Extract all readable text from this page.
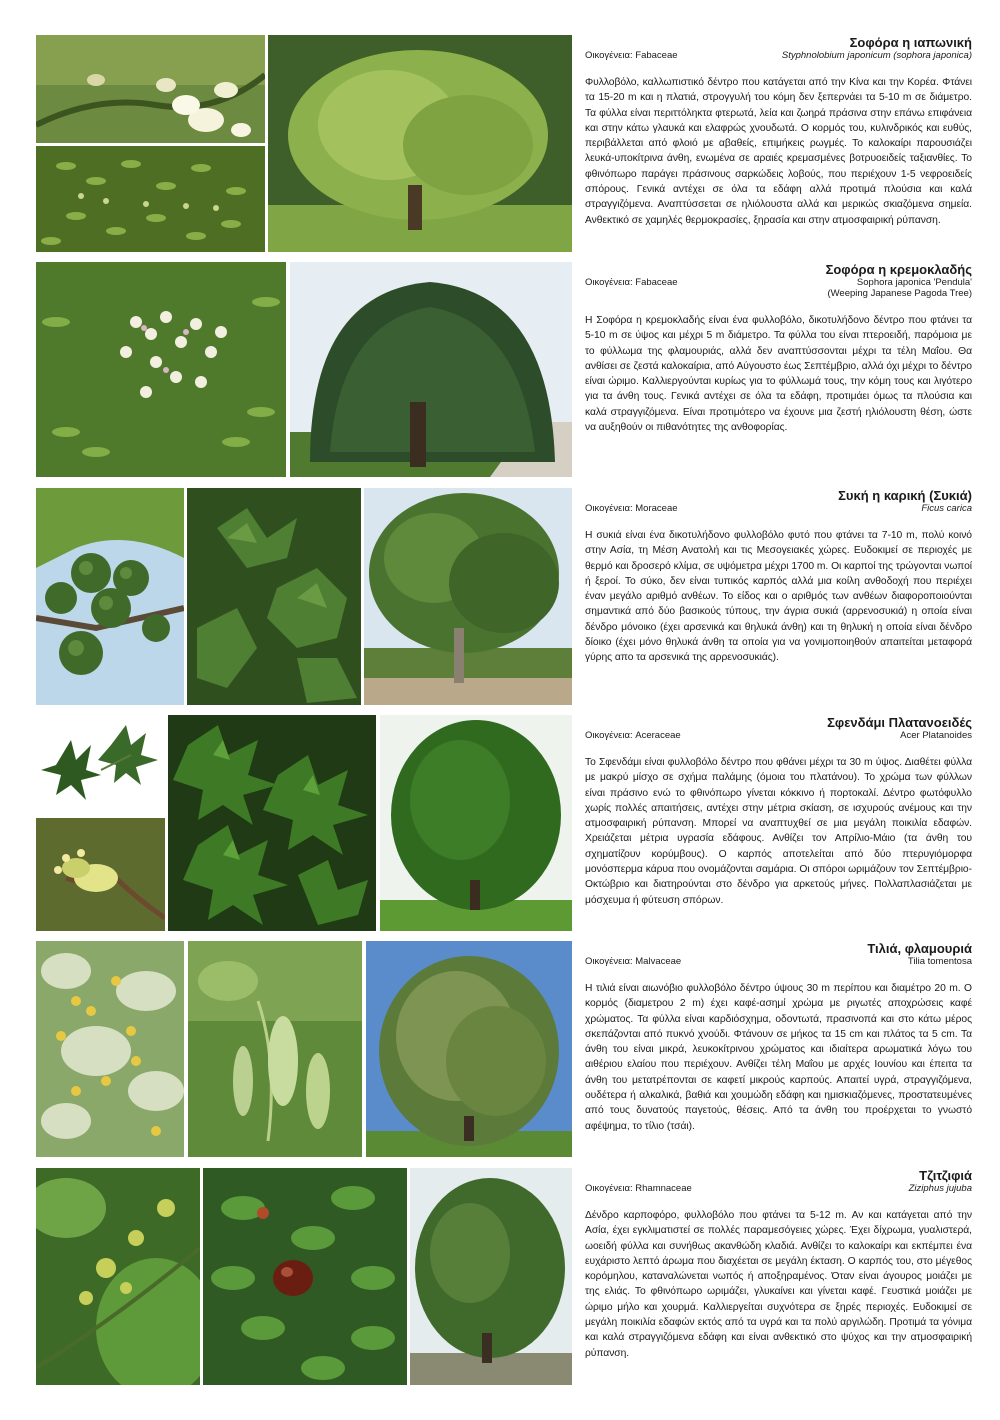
Σοφόρα η ιαπωνική
Οικογένεια: Fabaceae	Styphnolobium japonicum (sophora japonica)
Φυλλοβόλο, καλλωπιστικό δέντρο που κατάγεται από την Κίνα και την Κορέα. Φτάνει τα 15-20 m και η πλατιά, στρογγυλή του κόμη δεν ξεπερνάει τα 5-10 m σε διάμετρο. Τα φύλλα είναι περιττόληκτα φτερωτά, λεία και ζωηρά πράσινα στην επάνω επιφάνεια και στην κάτω γλαυκά και ελαφρώς χνουδωτά. Ο κορμός του, κυλινδρικός και ευθύς, περιβάλλεται από φλοιό με αβαθείς, επιμήκεις ρωγμές. Το καλοκαίρι παρουσιάζει λευκά-υποκίτρινα άνθη, ενωμένα σε αραιές κρεμασμένες βοτρυοειδείς ταξιανθίες. Το φθινόπωρο παράγει πράσινους σαρκώδεις λοβούς, που περιέχουν 1-5 νεφροειδείς σπόρους. Γενικά αντέχει σε όλα τα εδάφη αλλά προτιμά πλούσια και καλά στραγγιζόμενα. Αναπτύσσεται σε ηλιόλουστα αλλά και μερικώς σκιαζόμενα σημεία. Ανθεκτικό σε χαμηλές θερμοκρασίες, ξηρασία και στην ατμοσφαιρική ρύπανση.
Σοφόρα η κρεμοκλαδής
Οικογένεια: Fabaceae	Sophora japonica 'Pendula'
(Weeping Japanese Pagoda Tree)
Η Σοφόρα η κρεμοκλαδής είναι ένα φυλλοβόλο, δικοτυλήδονο δέντρο που φτάνει τα 5-10 m σε ύψος και μέχρι 5 m διάμετρο. Τα φύλλα του είναι πτεροειδή, παρόμοια με το φύλλωμα της φλαμουριάς, αλλά δεν αναπτύσσονται μέχρι τα τέλη Μαΐου. Θα ανθίσει σε ζεστά καλοκαίρια, από Αύγουστο έως Σεπτέμβριο, αλλά όχι μέχρι το δέντρο είναι ώριμο. Καλλιεργούνται κυρίως για το φύλλωμά τους, την κόμη τους και λιγότερο για τα άνθη τους. Γενικά αντέχει σε όλα τα εδάφη, προτιμάει όμως τα πλούσια και καλά στραγγιζόμενα. Είναι προτιμότερο να έχουνε μια ζεστή ηλιόλουστη θέση, ώστε να αυξηθούν οι πιθανότητες της ανθοφορίας.
Συκή η καρική (Συκιά)
Οικογένεια: Moraceae	Ficus carica
Η συκιά είναι ένα δικοτυλήδονο φυλλοβόλο φυτό που φτάνει τα 7-10 m, πολύ κοινό στην Ασία, τη Μέση Ανατολή και τις Μεσογειακές χώρες. Ευδοκιμεί σε περιοχές με θερμό και δροσερό κλίμα, σε υψόμετρα μέχρι 1700 m. Οι καρποί της τρώγονται νωποί ή ξεροί. Το σύκο, δεν είναι τυπικός καρπός αλλά μια κοίλη ανθοδοχή που περιέχει έναν μεγάλο αριθμό ανθέων. Το είδος και ο αριθμός των ανθέων διαφοροποιούνται σημαντικά από δύο βασικούς τύπους, την άγρια συκιά (αρρενοσυκιά) η οποία είναι δένδρο μόνοικο (έχει αρσενικά και θηλυκά άνθη) και τη θηλυκή η οποία είναι δένδρο δίοικο (έχει μόνο θηλυκά άνθη τα οποία για να γονιμοποιηθούν απαιτείται μεταφορά γύρης απο τα αρσενικά της αρρενοσυκιάς).
Σφενδάμι Πλατανοειδές
Οικογένεια: Aceraceae	Acer Platanoides
Το Σφενδάμι είναι φυλλοβόλο δέντρο που φθάνει μέχρι τα 30 m ύψος. Διαθέτει φύλλα με μακρύ μίσχο σε σχήμα παλάμης (όμοια του πλατάνου). Το χρώμα των φύλλων είναι πράσινο ενώ το φθινόπωρο γίνεται κόκκινο ή πορτοκαλί. Δέντρο φωτόφυλλο χωρίς πολλές απαιτήσεις, αντέχει στην μέτρια σκίαση, σε ισχυρούς ανέμους και την ατμοσφαιρική ρύπανση. Μπορεί να αναπτυχθεί σε μια μεγάλη ποικιλία εδαφών. Χρειάζεται μέτρια υγρασία εδάφους. Ανθίζει τον Απρίλιο-Μάιο (τα άνθη του σχηματίζουν κορύμβους). Ο καρπός αποτελείται από δύο πτερυγιόμορφα μονόσπερμα κάρυα που ονομάζονται σαμάρια. Οι σπόροι ωριμάζουν τον Σεπτέμβριο-Οκτώβριο και διατηρούνται στο δένδρο για αρκετούς μήνες. Πολλαπλασιάζεται με μόσχευμα ή φύτευση σπόρων.
Τιλιά, φλαμουριά
Οικογένεια: Malvaceae	Tilia tomentosa
Η τιλιά είναι αιωνόβιο φυλλοβόλο δέντρο ύψους 30 m περίπου και διαμέτρο 20 m. Ο κορμός (διαμετρου 2 m) έχει καφέ-ασημί χρώμα με ριγωτές αποχρώσεις καφέ χρώματος. Τα φύλλα είναι καρδιόσχημα, οδοντωτά, πρασινοπά και στο κάτω μέρος σκεπάζονται από πυκνό χνούδι. Φτάνουν σε μήκος τα 15 cm και πλάτος τα 5 cm. Τα άνθη του είναι μικρά, λευκοκίτρινου χρώματος και ιδιαίτερα αρωματικά λόγω του αιθέριου ελαίου που περιέχουν. Ανθίζει τέλη Μαΐου με αρχές Ιουνίου και έπειτα τα άνθη του μετατρέπονται σε καφετί μικρούς καρπούς. Απαιτεί υγρά, στραγγιζόμενα, ουδέτερα ή αλκαλικά, βαθιά και χουμώδη εδάφη και ημισκιαζόμενες, προστατευμένες από τους δυνατούς παγετούς, θέσεις. Από τα άνθη του προέρχεται το γνωστό αφέψημα, το τίλιο (τσάι).
Τζιτζιφιά
Οικογένεια: Rhamnaceae	Ziziphus jujuba
Δένδρο καρποφόρο, φυλλοβόλο που φτάνει τα 5-12 m. Αν και κατάγεται από την Ασία, έχει εγκλιματιστεί σε πολλές παραμεσόγειες χώρες. Έχει δίχρωμα, γυαλιστερά, ωοειδή φύλλα και συνήθως ακανθώδη κλαδιά. Ανθίζει το καλοκαίρι και εκπέμπει ένα ευχάριστο λεπτό άρωμα που διαχέεται σε μεγάλη έκταση. Ο καρπός του, στο μέγεθος κορόμηλου, καταναλώνεται νωπός ή αποξηραμένος. Όταν είναι άγουρος μοιάζει με της ελιάς. Το φθινόπωρο ωριμάζει, γλυκαίνει και γίνεται καφέ. Γευστικά μοιάζει με ώριμο μήλο και χουρμά. Καλλιεργείται συχνότερα σε ξηρές περιοχές. Ευδοκιμεί σε μεγάλη ποικιλία εδαφών εκτός από τα υγρά και τα πολύ αργιλώδη. Προτιμά τα γόνιμα και καλά στραγγιζόμενα εδάφη και είναι ανθεκτικό στο ψύχος και την ατμοσφαιρική ρύπανση.
